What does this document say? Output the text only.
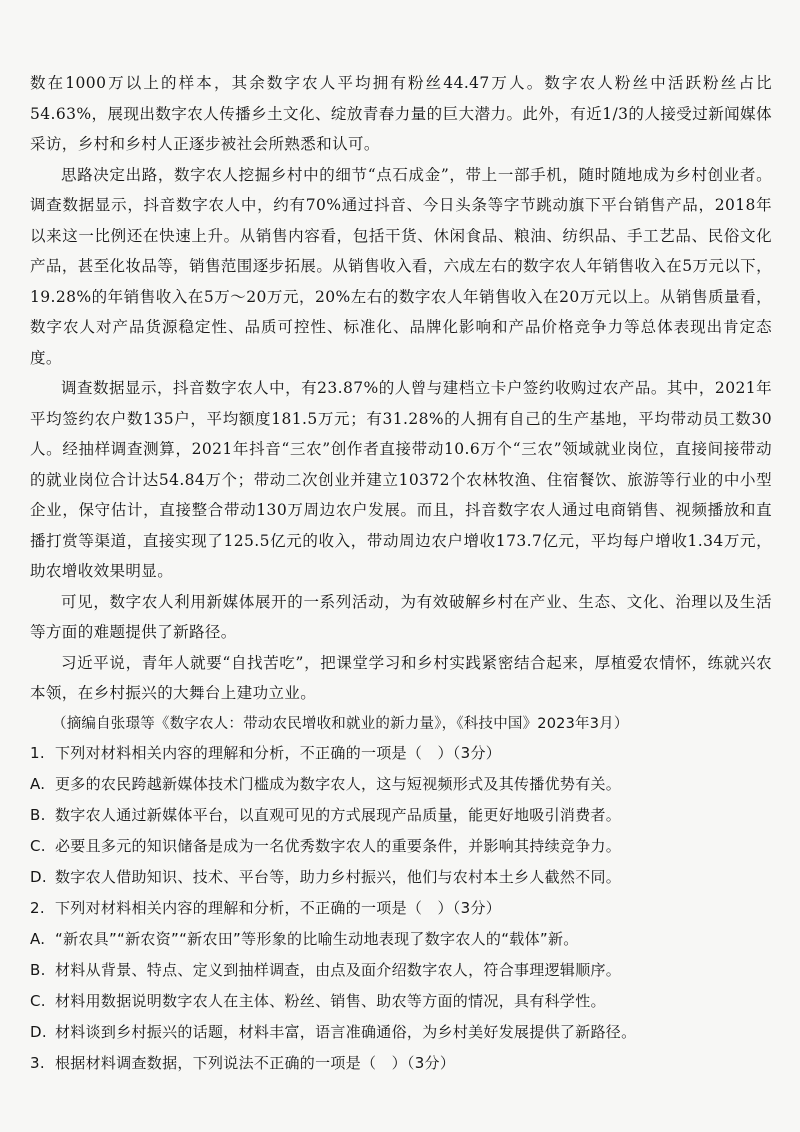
数在1000万以上的样本，其余数字农人平均拥有粉丝44.47万人。数字农人粉丝中活跃粉丝占比54.63%，展现出数字农人传播乡土文化、绽放青春力量的巨大潜力。此外，有近1/3的人接受过新闻媒体采访，乡村和乡村人正逐步被社会所熟悉和认可。

思路决定出路，数字农人挖掘乡村中的细节“点石成金”，带上一部手机，随时随地成为乡村创业者。调查数据显示，抖音数字农人中，约有70%通过抖音、今日头条等字节跳动旗下平台销售产品，2018年以来这一比例还在快速上升。从销售内容看，包括干货、休闲食品、粮油、纺织品、手工艺品、民俗文化产品，甚至化妆品等，销售范围逐步拓展。从销售收入看，六成左右的数字农人年销售收入在5万元以下，19.28%的年销售收入在5万～20万元，20%左右的数字农人年销售收入在20万元以上。从销售质量看，数字农人对产品货源稳定性、品质可控性、标准化、品牌化影响和产品价格竞争力等总体表现出肯定态度。

调查数据显示，抖音数字农人中，有23.87%的人曾与建档立卡户签约收购过农产品。其中，2021年平均签约农户数135户，平均额度181.5万元；有31.28%的人拥有自己的生产基地，平均带动员工数30人。经抽样调查测算，2021年抖音“三农”创作者直接带动10.6万个“三农”领域就业岗位，直接间接带动的就业岗位合计达54.84万个；带动二次创业并建立10372个农林牧渔、住宿餐饮、旅游等行业的中小型企业，保守估计，直接整合带动130万周边农户发展。而且，抖音数字农人通过电商销售、视频播放和直播打赏等渠道，直接实现了125.5亿元的收入，带动周边农户增收173.7亿元，平均每户增收1.34万元，助农增收效果明显。

可见，数字农人利用新媒体展开的一系列活动，为有效破解乡村在产业、生态、文化、治理以及生活等方面的难题提供了新路径。

习近平说，青年人就要“自找苦吃”，把课堂学习和乡村实践紧密结合起来，厚植爱农情怀，练就兴农本领，在乡村振兴的大舞台上建功立业。

（摘编自张璟等《数字农人：带动农民增收和就业的新力量》，《科技中国》2023年3月）

1. 下列对材料相关内容的理解和分析，不正确的一项是（　）（3分）

A. 更多的农民跨越新媒体技术门槛成为数字农人，这与短视频形式及其传播优势有关。

B. 数字农人通过新媒体平台，以直观可见的方式展现产品质量，能更好地吸引消费者。

C. 必要且多元的知识储备是成为一名优秀数字农人的重要条件，并影响其持续竞争力。

D. 数字农人借助知识、技术、平台等，助力乡村振兴，他们与农村本土乡人截然不同。

2. 下列对材料相关内容的理解和分析，不正确的一项是（　）（3分）

A. “新农具”“新农资”“新农田”等形象的比喻生动地表现了数字农人的“载体”新。

B. 材料从背景、特点、定义到抽样调查，由点及面介绍数字农人，符合事理逻辑顺序。

C. 材料用数据说明数字农人在主体、粉丝、销售、助农等方面的情况，具有科学性。

D. 材料谈到乡村振兴的话题，材料丰富，语言准确通俗，为乡村美好发展提供了新路径。

3. 根据材料调查数据，下列说法不正确的一项是（　）（3分）
